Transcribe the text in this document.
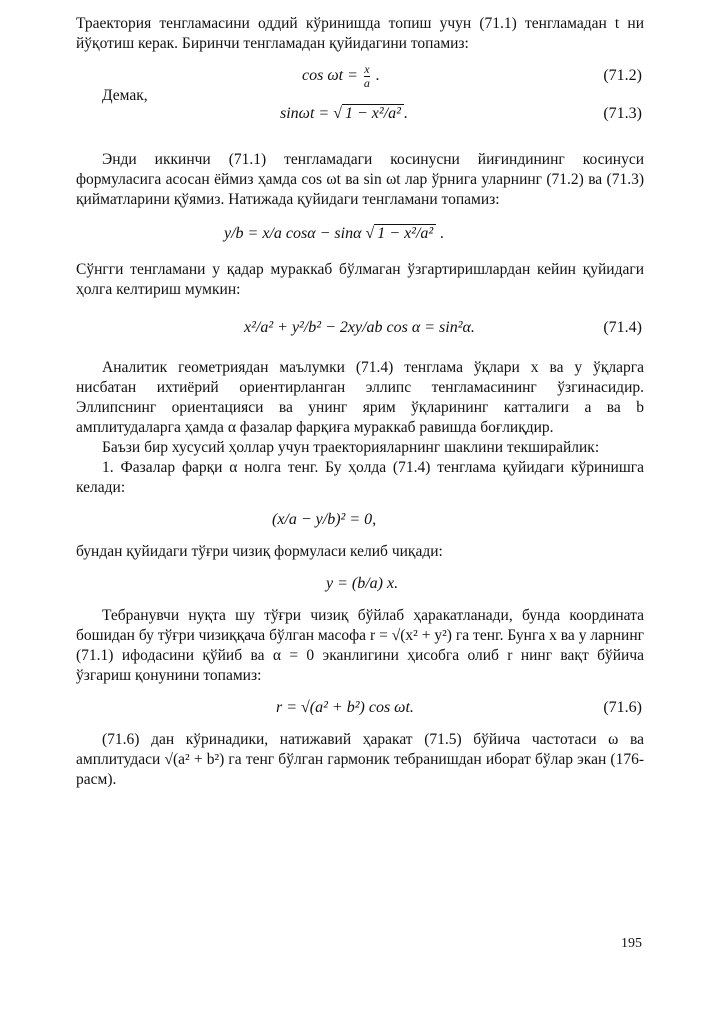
Траектория тенгламасини оддий кўринишда топиш учун (71.1) тенгламадан t ни йўқотиш керак. Биринчи тенгламадан қуйидагини топамиз:

$\cos \omega t = \frac{x}{a}$ .	(71.2)
Демак,
sinωt = √ 1 − x²/a² .	(71.3)

Энди иккинчи (71.1) тенгламадаги косинусни йиғиндининг косинуси формуласига асосан ёймиз ҳамда cos ωt ва sin ωt лар ўрнига уларнинг (71.2) ва (71.3) қийматларини қўямиз. Натижада қуйидаги тенгламани топамиз:

y/b = x/a cosα − sinα √ 1 − x²/a² .

Сўнгги тенгламани у қадар мураккаб бўлмаган ўзгартиришлардан кейин қуйидаги ҳолга келтириш мумкин:

x²/a² + y²/b² − 2xy/ab cos α = sin²α.	(71.4)

Аналитик геометриядан маълумки (71.4) тенглама ўқлари x ва y ўқларга нисбатан ихтиёрий ориентирланган эллипс тенгламасининг ўзгинасидир. Эллипснинг ориентацияси ва унинг ярим ўқларининг катталиги a ва b амплитудаларга ҳамда α фазалар фарқиға мураккаб равишда боғлиқдир.

Баъзи бир хусусий ҳоллар учун траекторияларнинг шаклини текширайлик:

1. Фазалар фарқи α нолга тенг. Бу ҳолда (71.4) тенглама қуйидаги кўринишга келади:

(x/a − y/b)² = 0,

бундан қуйидаги тўғри чизиқ формуласи келиб чиқади:

y = (b/a) x.

Тебранувчи нуқта шу тўғри чизиқ бўйлаб ҳаракатланади, бунда координата бошидан бу тўғри чизиққача бўлган масофа r = √(x² + y²) га тенг. Бунга x ва y ларнинг (71.1) ифодасини қўйиб ва α = 0 эканлигини ҳисобга олиб r нинг вақт бўйича ўзгариш қонунини топамиз:

r = √(a² + b²) cos ωt.	(71.6)

(71.6) дан кўринадики, натижавий ҳаракат (71.5) бўйича частотаси ω ва амплитудаси √(a² + b²) га тенг бўлган гармоник тебранишдан иборат бўлар экан (176- расм).

195
